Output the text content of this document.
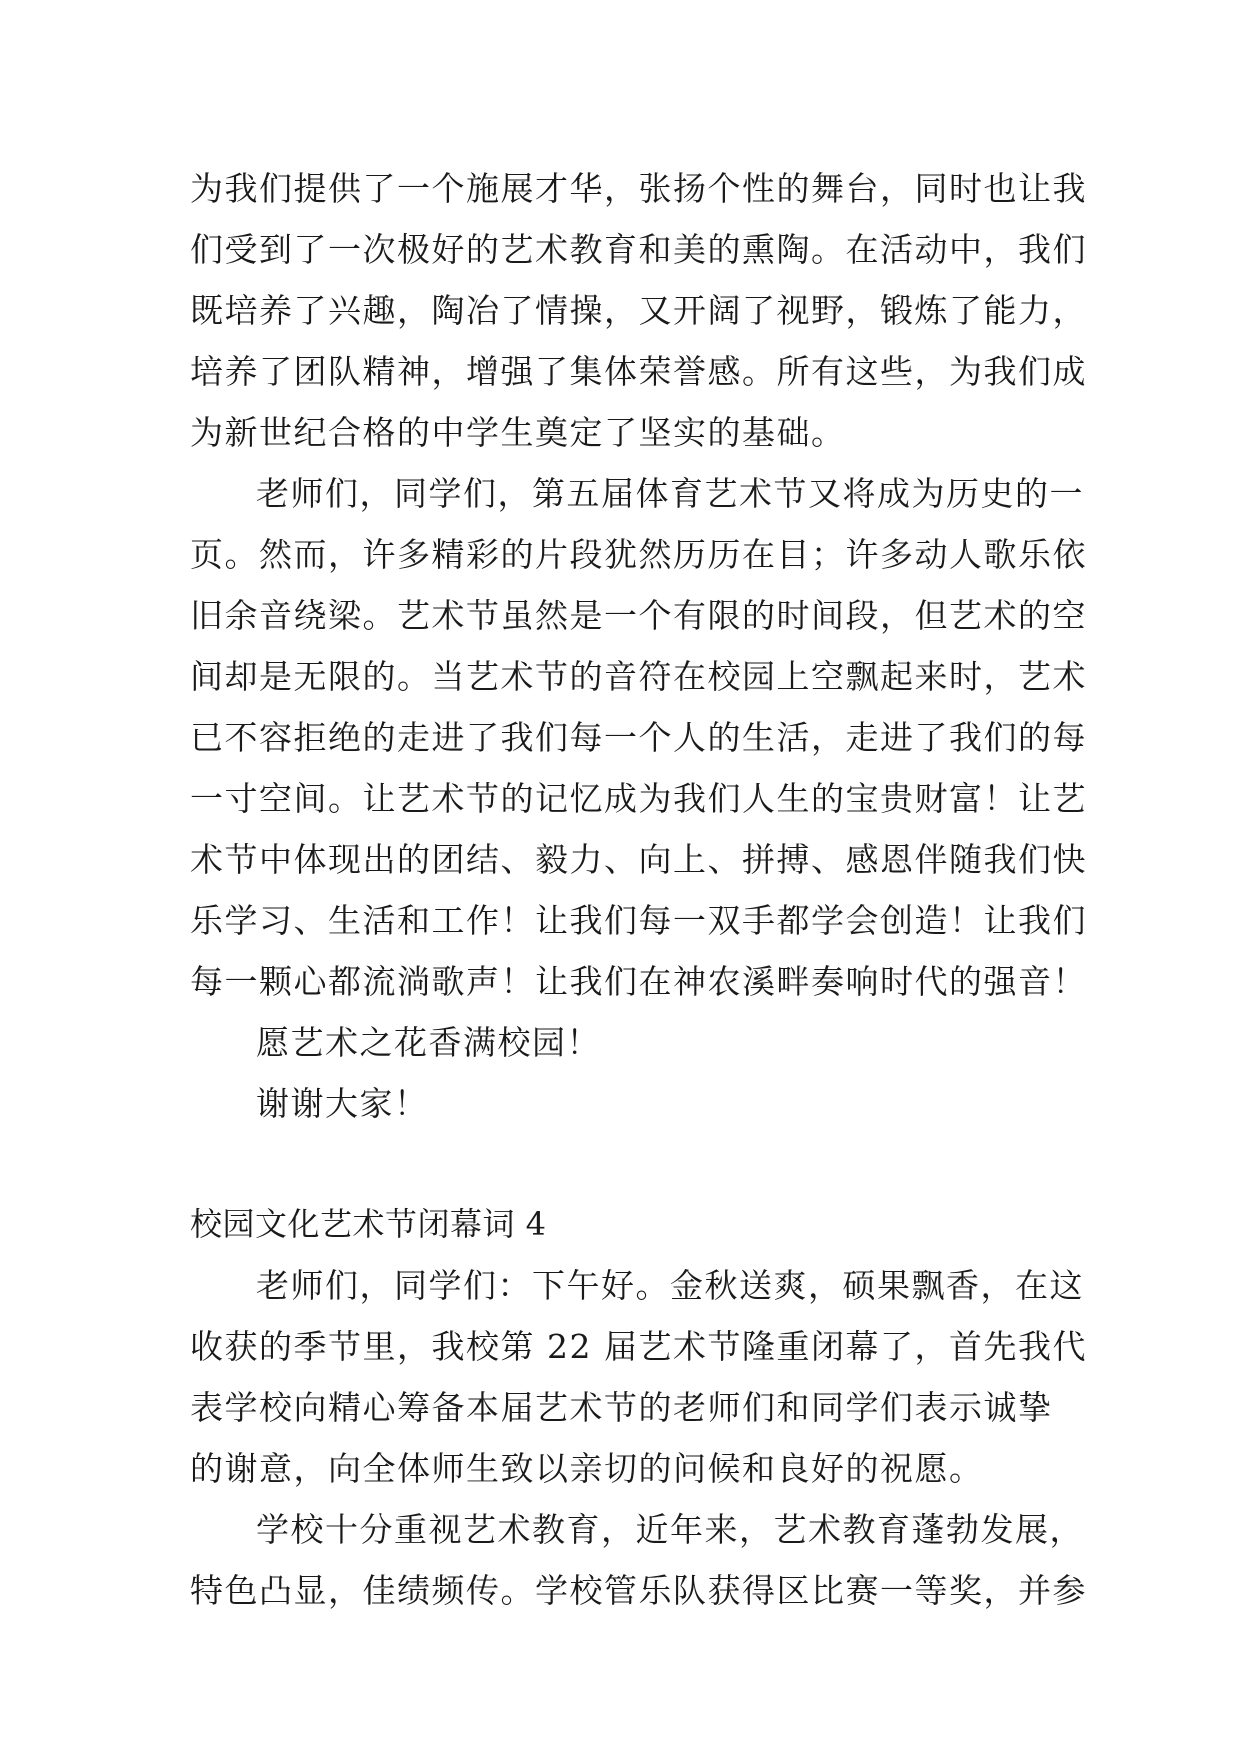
为我们提供了一个施展才华，张扬个性的舞台，同时也让我
们受到了一次极好的艺术教育和美的熏陶。在活动中，我们
既培养了兴趣，陶冶了情操，又开阔了视野，锻炼了能力，
培养了团队精神，增强了集体荣誉感。所有这些，为我们成
为新世纪合格的中学生奠定了坚实的基础。
老师们，同学们，第五届体育艺术节又将成为历史的一
页。然而，许多精彩的片段犹然历历在目；许多动人歌乐依
旧余音绕梁。艺术节虽然是一个有限的时间段，但艺术的空
间却是无限的。当艺术节的音符在校园上空飘起来时，艺术
已不容拒绝的走进了我们每一个人的生活，走进了我们的每
一寸空间。让艺术节的记忆成为我们人生的宝贵财富！让艺
术节中体现出的团结、毅力、向上、拼搏、感恩伴随我们快
乐学习、生活和工作！让我们每一双手都学会创造！让我们
每一颗心都流淌歌声！让我们在神农溪畔奏响时代的强音！
愿艺术之花香满校园！
谢谢大家！
校园文化艺术节闭幕词 4
老师们，同学们：下午好。金秋送爽，硕果飘香，在这
收获的季节里，我校第 22 届艺术节隆重闭幕了，首先我代
表学校向精心筹备本届艺术节的老师们和同学们表示诚挚
的谢意，向全体师生致以亲切的问候和良好的祝愿。
学校十分重视艺术教育，近年来，艺术教育蓬勃发展，
特色凸显，佳绩频传。学校管乐队获得区比赛一等奖，并参
